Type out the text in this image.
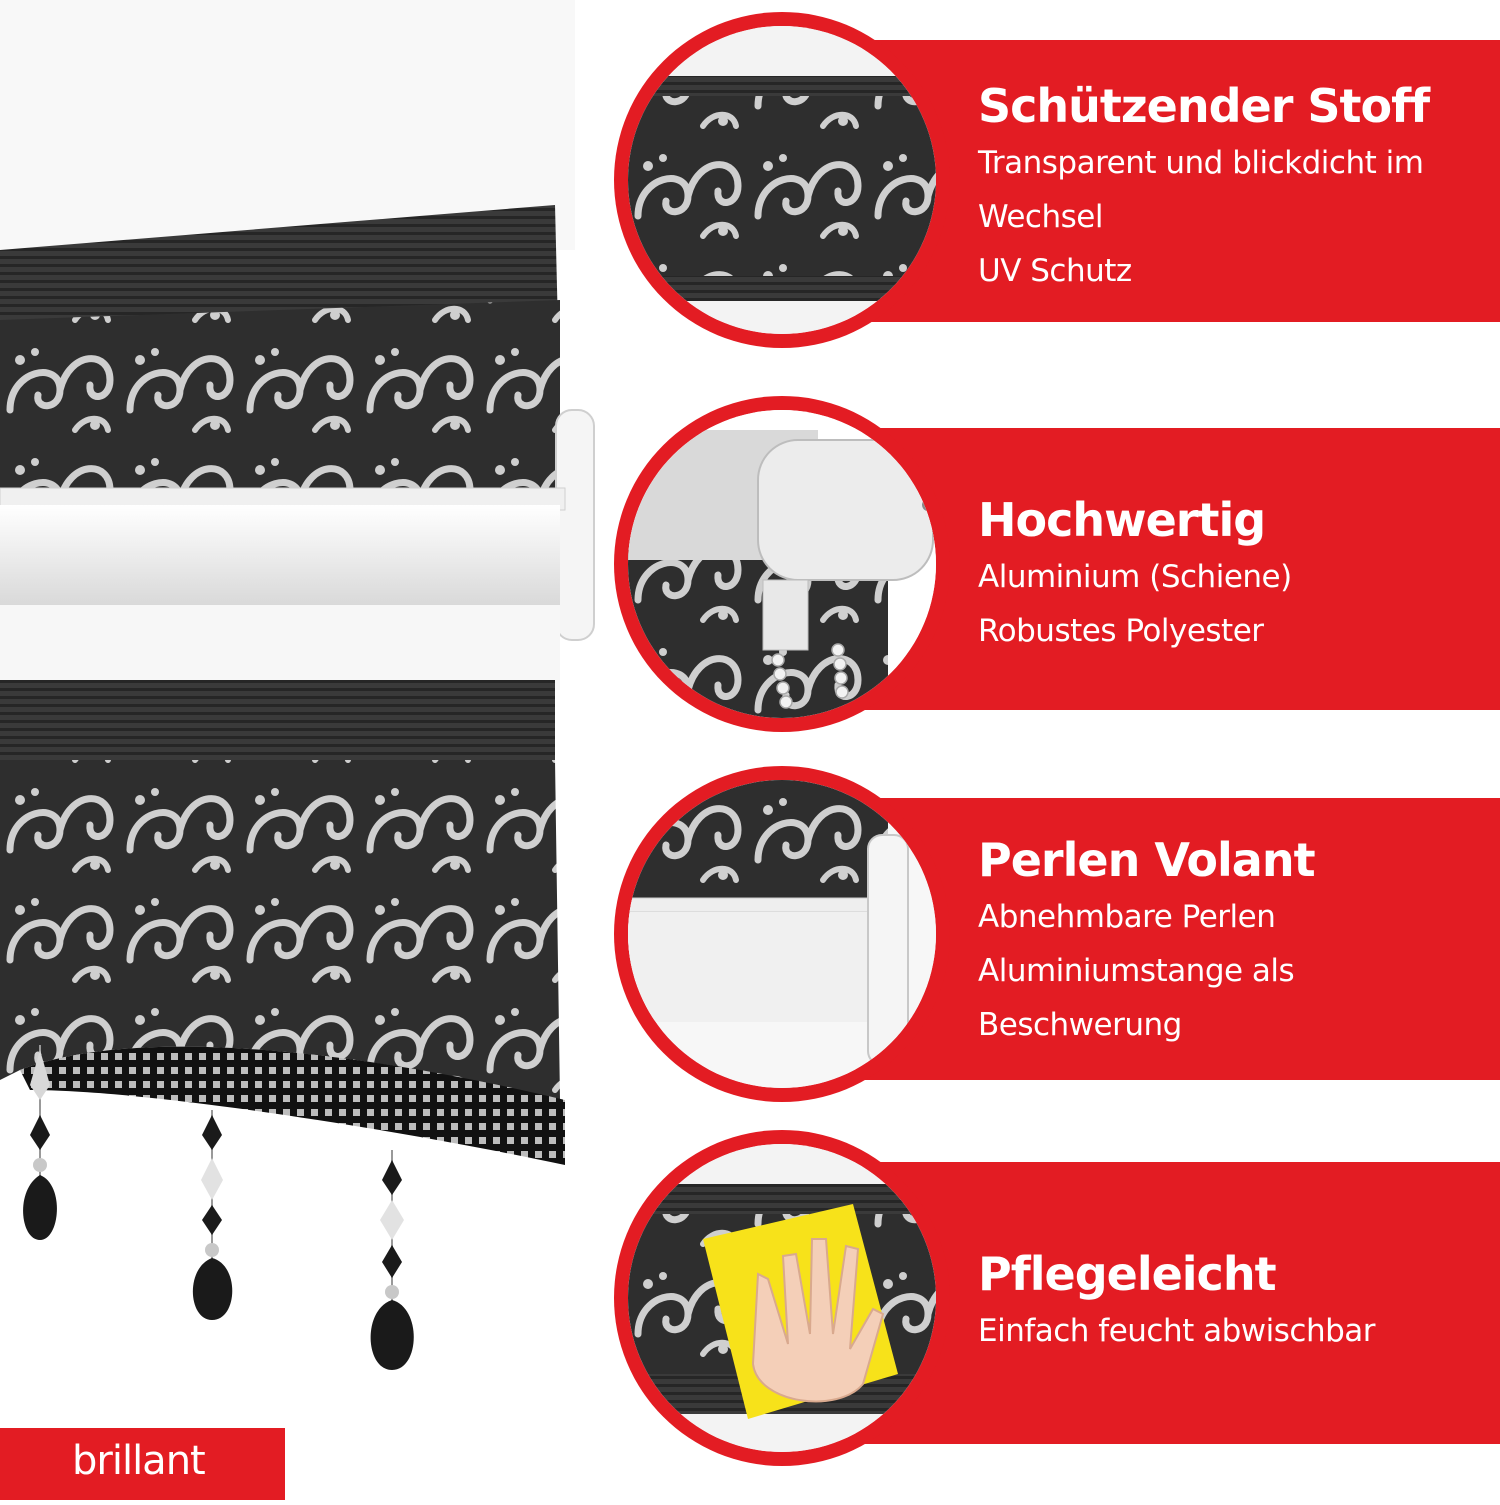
Schützender Stoff
Transparent und blickdicht im
Wechsel
UV Schutz
Hochwertig
Aluminium (Schiene)
Robustes Polyester
Perlen Volant
Abnehmbare Perlen
Aluminiumstange als
Beschwerung
Pflegeleicht
Einfach feucht abwischbar
brillant
